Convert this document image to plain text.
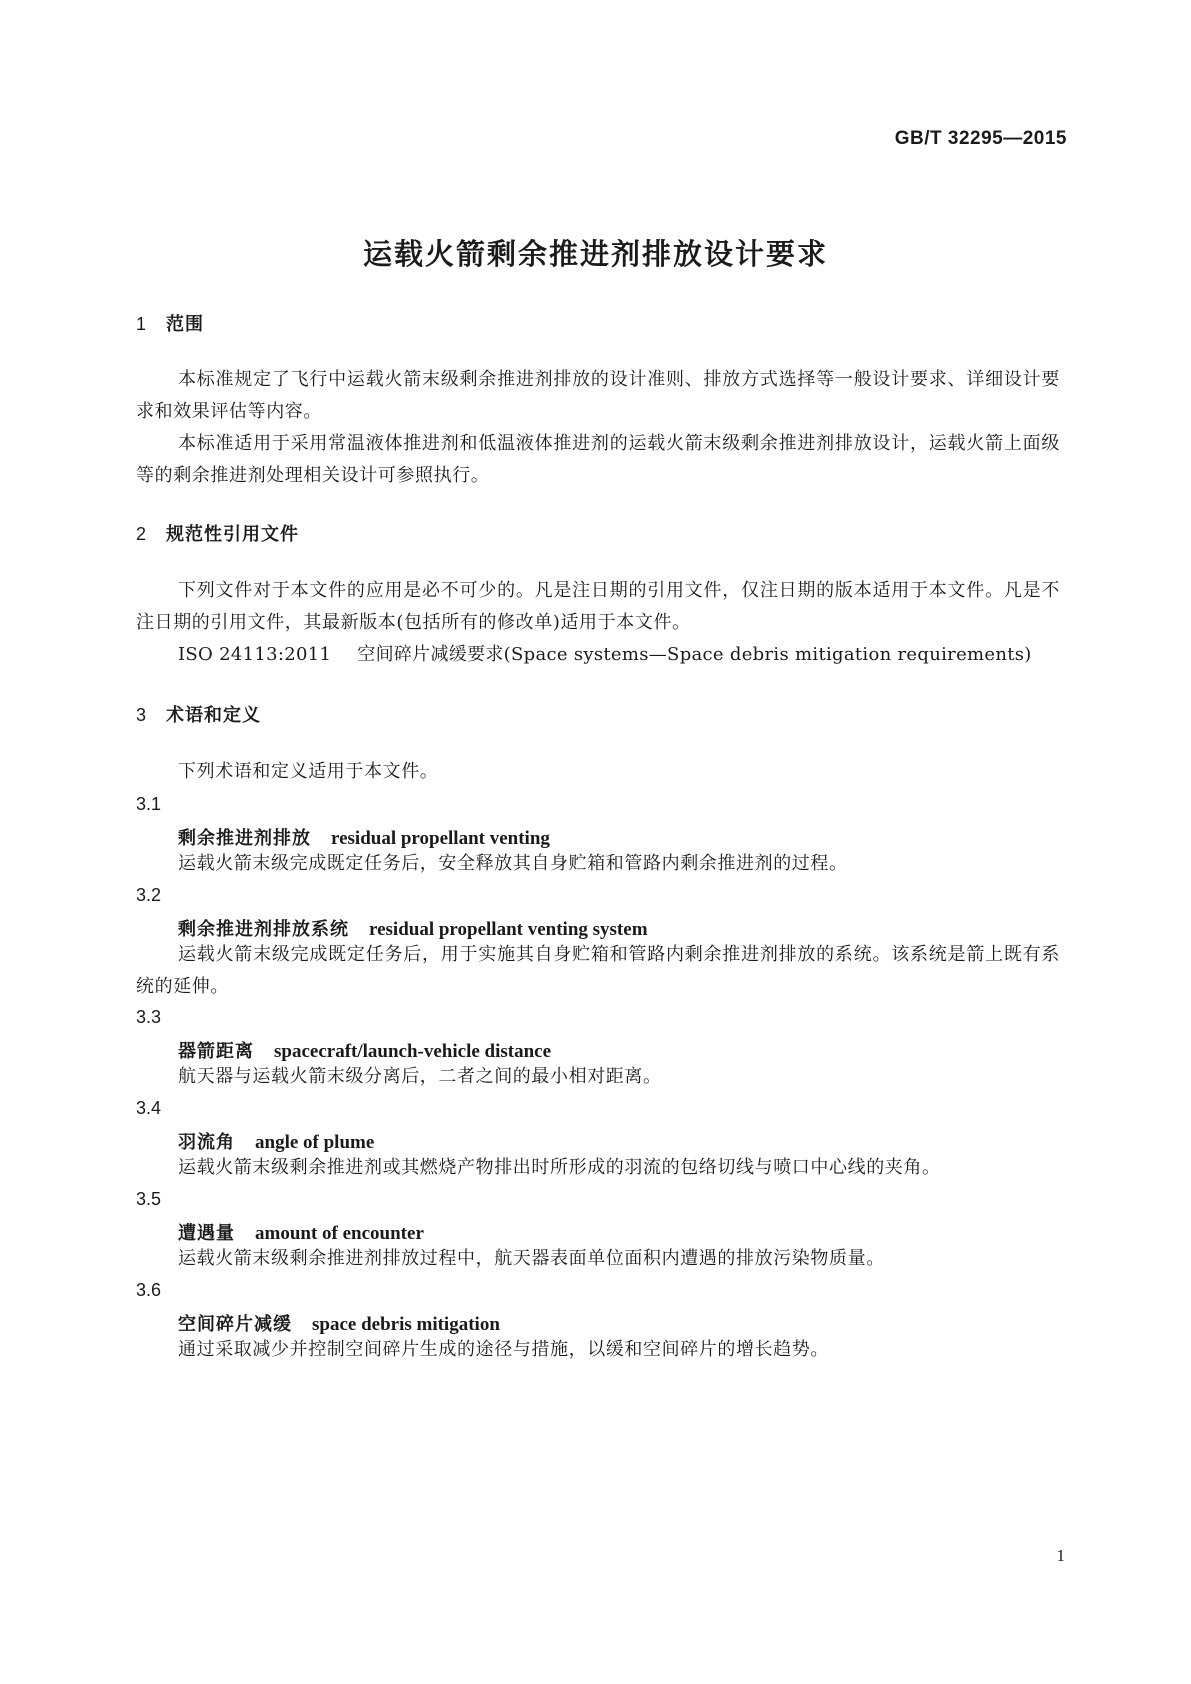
GB/T 32295—2015
运载火箭剩余推进剂排放设计要求
1 范围
本标准规定了飞行中运载火箭末级剩余推进剂排放的设计准则、排放方式选择等一般设计要求、详细设计要求和效果评估等内容。
本标准适用于采用常温液体推进剂和低温液体推进剂的运载火箭末级剩余推进剂排放设计，运载火箭上面级等的剩余推进剂处理相关设计可参照执行。
2 规范性引用文件
下列文件对于本文件的应用是必不可少的。凡是注日期的引用文件，仅注日期的版本适用于本文件。凡是不注日期的引用文件，其最新版本(包括所有的修改单)适用于本文件。
ISO 24113:2011 空间碎片减缓要求(Space systems—Space debris mitigation requirements)
3 术语和定义
下列术语和定义适用于本文件。
3.1
剩余推进剂排放 residual propellant venting
运载火箭末级完成既定任务后，安全释放其自身贮箱和管路内剩余推进剂的过程。
3.2
剩余推进剂排放系统 residual propellant venting system
运载火箭末级完成既定任务后，用于实施其自身贮箱和管路内剩余推进剂排放的系统。该系统是箭上既有系统的延伸。
3.3
器箭距离 spacecraft/launch-vehicle distance
航天器与运载火箭末级分离后，二者之间的最小相对距离。
3.4
羽流角 angle of plume
运载火箭末级剩余推进剂或其燃烧产物排出时所形成的羽流的包络切线与喷口中心线的夹角。
3.5
遭遇量 amount of encounter
运载火箭末级剩余推进剂排放过程中，航天器表面单位面积内遭遇的排放污染物质量。
3.6
空间碎片减缓 space debris mitigation
通过采取减少并控制空间碎片生成的途径与措施，以缓和空间碎片的增长趋势。
1
